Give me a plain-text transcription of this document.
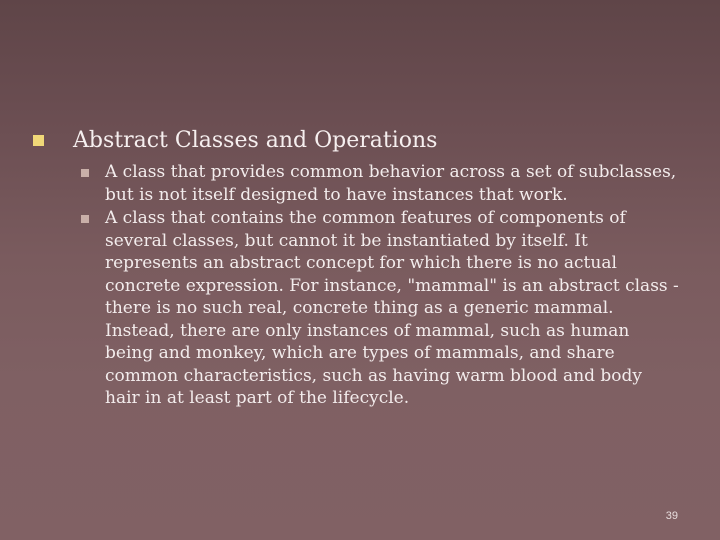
Abstract Classes and Operations
A class that provides common behavior across a set of subclasses, but is not itself designed to have instances that work.
A class that contains the common features of components of several classes, but cannot it be instantiated by itself. It represents an abstract concept for which there is no actual concrete expression. For instance, "mammal" is an abstract class - there is no such real, concrete thing as a generic mammal. Instead, there are only instances of mammal, such as human being and monkey, which are types of mammals, and share common characteristics, such as having warm blood and body hair in at least part of the lifecycle.
39
